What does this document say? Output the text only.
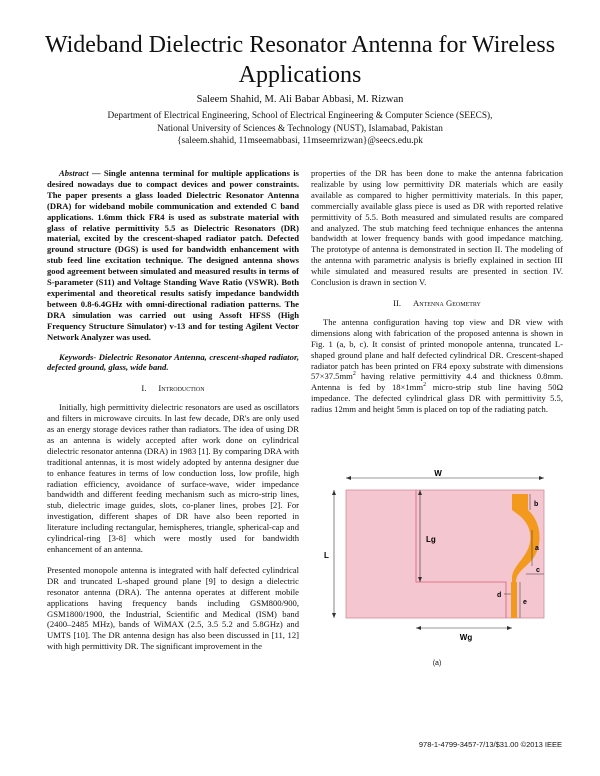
Wideband Dielectric Resonator Antenna for Wireless Applications
Saleem Shahid, M. Ali Babar Abbasi, M. Rizwan
Department of Electrical Engineering, School of Electrical Engineering & Computer Science (SEECS),
National University of Sciences & Technology (NUST), Islamabad, Pakistan
{saleem.shahid, 11mseemabbasi, 11mseemrizwan}@seecs.edu.pk

Abstract — Single antenna terminal for multiple applications is desired nowadays due to compact devices and power constraints. The paper presents a glass loaded Dielectric Resonator Antenna (DRA) for wideband mobile communication and extended C band applications. 1.6mm thick FR4 is used as substrate material with glass of relative permittivity 5.5 as Dielectric Resonators (DR) material, excited by the crescent-shaped radiator patch. Defected ground structure (DGS) is used for bandwidth enhancement with stub feed line excitation technique. The designed antenna shows good agreement between simulated and measured results in terms of S-parameter (S11) and Voltage Standing Wave Ratio (VSWR). Both experimental and theoretical results satisfy impedance bandwidth between 0.8-6.4GHz with omni-directional radiation patterns. The DRA simulation was carried out using Assoft HFSS (High Frequency Structure Simulator) v-13 and for testing Agilent Vector Network Analyzer was used.

Keywords- Dielectric Resonator Antenna, crescent-shaped radiator, defected ground, glass, wide band.

I. Introduction

Initially, high permittivity dielectric resonators are used as oscillators and filters in microwave circuits. In last few decade, DR's are only used as an energy storage devices rather than radiators. The idea of using DR as an antenna is widely accepted after work done on cylindrical dielectric resonator antenna (DRA) in 1983 [1]. By comparing DRA with traditional antennas, it is most widely adopted by antenna designer due to enhance features in terms of low conduction loss, low profile, high radiation efficiency, avoidance of surface-wave, wider impedance bandwidth and different feeding mechanism such as micro-strip lines, stub, dielectric image guides, slots, co-planer lines, probes [2]. For investigation, different shapes of DR have also been reported in literature including rectangular, hemispheres, triangle, spherical-cap and cylindrical-ring [3-8] which were mostly used for bandwidth enhancement of an antenna.

Presented monopole antenna is integrated with half defected cylindrical DR and truncated L-shaped ground plane [9] to design a dielectric resonator antenna (DRA). The antenna operates at different mobile applications having frequency bands including GSM800/900, GSM1800/1900, the Industrial, Scientific and Medical (ISM) band (2400–2485 MHz), bands of WiMAX (2.5, 3.5 5.2 and 5.8GHz) and UMTS [10]. The DR antenna design has also been discussed in [11, 12] with high permittivity DR. The significant improvement in the

properties of the DR has been done to make the antenna fabrication realizable by using low permittivity DR materials which are easily available as compared to higher permittivity materials. In this paper, commercially available glass piece is used as DR with reported relative permittivity of 5.5. Both measured and simulated results are compared and analyzed. The stub matching feed technique enhances the antenna bandwidth at lower frequency bands with good impedance matching. The prototype of antenna is demonstrated in section II. The modeling of the antenna with parametric analysis is briefly explained in section III while simulated and measured results are presented in section IV. Conclusion is drawn in section V.

II. Antenna Geometry

The antenna configuration having top view and DR view with dimensions along with fabrication of the proposed antenna is shown in Fig. 1 (a, b, c). It consist of printed monopole antenna, truncated L-shaped ground plane and half defected cylindrical DR. Crescent-shaped radiator patch has been printed on FR4 epoxy substrate with dimensions $57\times 37.5mm^2$ having relative permittivity 4.4 and thickness 0.8mm. Antenna is fed by $18\times 1mm^2$ micro-strip stub line having 50Ω impedance. The defected cylindrical glass DR with permittivity 5.5, radius 12mm and height 5mm is placed on top of the radiating patch.

W
L
Lg
Wg
a
b
c
d
e
(a)
978-1-4799-3457-7/13/$31.00 ©2013 IEEE
